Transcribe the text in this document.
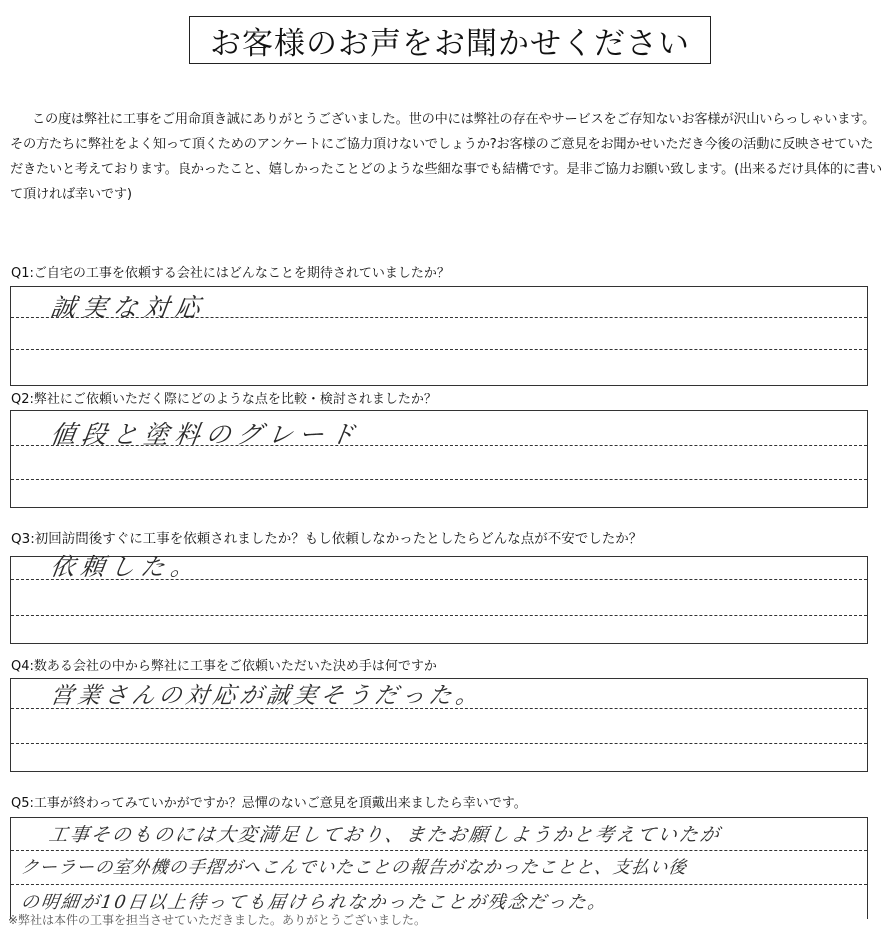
お客様のお声をお聞かせください
この度は弊社に工事をご用命頂き誠にありがとうございました。世の中には弊社の存在やサービスをご存知ないお客様が沢山いらっしゃいます。その方たちに弊社をよく知って頂くためのアンケートにご協力頂けないでしょうか?お客様のご意見をお聞かせいただき今後の活動に反映させていただきたいと考えております。良かったこと、嬉しかったことどのような些細な事でも結構です。是非ご協力お願い致します。(出来るだけ具体的に書いて頂ければ幸いです)
Q1:ご自宅の工事を依頼する会社にはどんなことを期待されていましたか？
誠実な対応
Q2:弊社にご依頼いただく際にどのような点を比較・検討されましたか？
値段と塗料のグレード
Q3:初回訪問後すぐに工事を依頼されましたか？もし依頼しなかったとしたらどんな点が不安でしたか？
依頼した。
Q4:数ある会社の中から弊社に工事をご依頼いただいた決め手は何ですか
営業さんの対応が誠実そうだった。
Q5:工事が終わってみていかがですか？忌憚のないご意見を頂戴出来ましたら幸いです。
工事そのものには大変満足しており、またお願しようかと考えていたが
クーラーの室外機の手摺がへこんでいたことの報告がなかったことと、支払い後
の明細が10日以上待っても届けられなかったことが残念だった。
※弊社は本件の工事を担当させていただきました。ありがとうございました。
